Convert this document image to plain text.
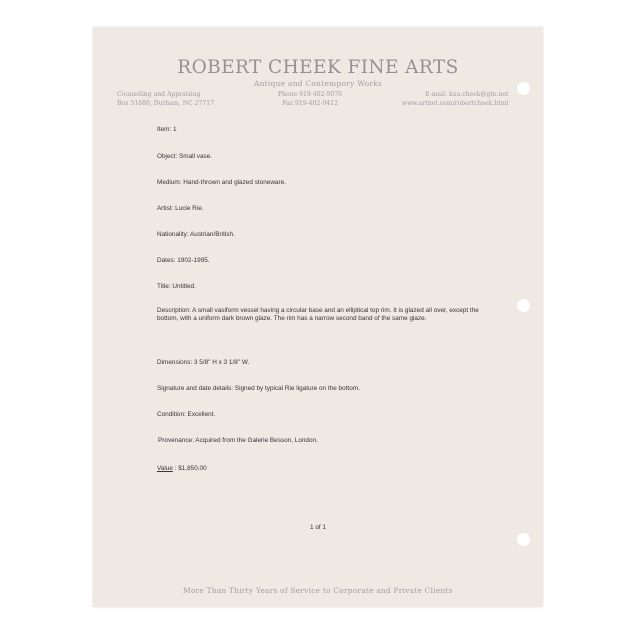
ROBERT CHEEK FINE ARTS
Antique and Contempory Works
Counseling and Appraising
Box 51688, Durham, NC 27717
Phone 919-402-9070
Fax 919-402-9412
E-mail: kua.cheek@gte.net
www.artnet.com/robertcheek.html
Item: 1
Object: Small vase.
Medium: Hand-thrown and glazed stoneware.
Artist: Lucie Rie.
Nationality: Austrian/British.
Dates: 1902-1995.
Title: Untitled.
Description: A small vasiform vessel having a circular base and an elliptical top rim. It is glazed all over, except the bottom, with a uniform dark brown glaze. The rim has a narrow second band of the same glaze.
Dimensions: 3 5/8" H x 3 1/8" W.
Signature and date details: Signed by typical Rie ligature on the bottom.
Condition: Excellent.
Provenance: Acquired from the Galerie Besson, London.
Value : $1,850.00
1 of 1
More Than Thirty Years of Service to Corporate and Private Clients
